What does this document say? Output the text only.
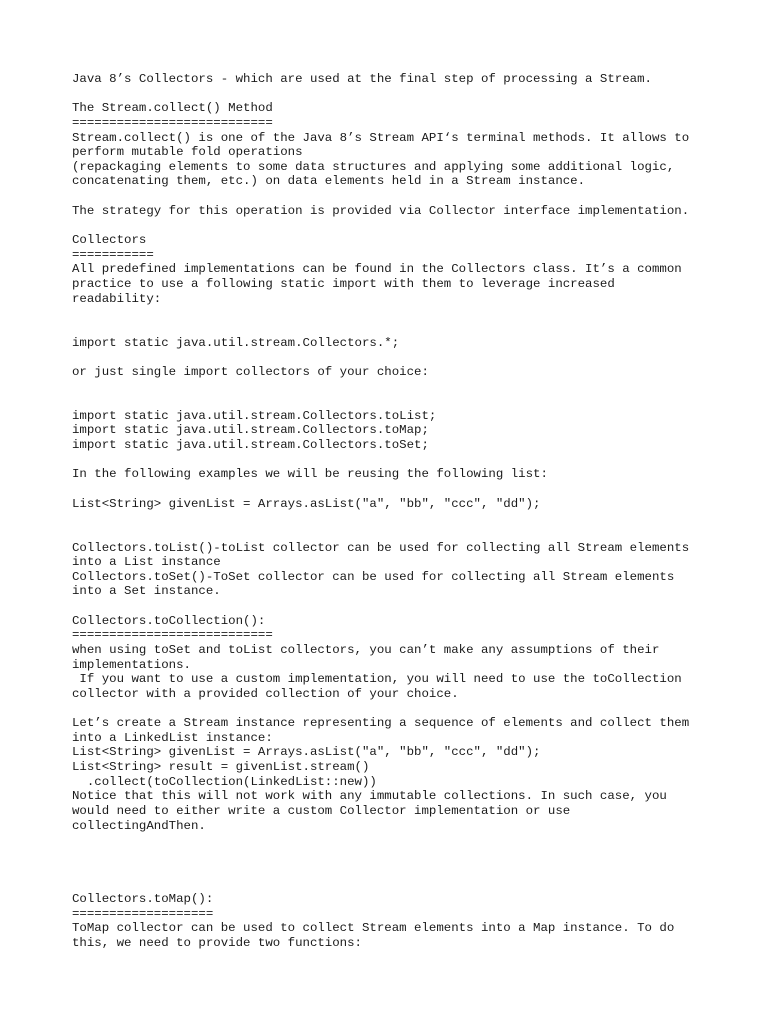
Java 8’s Collectors - which are used at the final step of processing a Stream.
The Stream.collect() Method
===========================
Stream.collect() is one of the Java 8’s Stream API‘s terminal methods. It allows to
perform mutable fold operations
(repackaging elements to some data structures and applying some additional logic,
concatenating them, etc.) on data elements held in a Stream instance.
The strategy for this operation is provided via Collector interface implementation.
Collectors
===========
All predefined implementations can be found in the Collectors class. It’s a common
practice to use a following static import with them to leverage increased
readability:
import static java.util.stream.Collectors.*;
or just single import collectors of your choice:
import static java.util.stream.Collectors.toList;
import static java.util.stream.Collectors.toMap;
import static java.util.stream.Collectors.toSet;
In the following examples we will be reusing the following list:
List<String> givenList = Arrays.asList("a", "bb", "ccc", "dd");
Collectors.toList()-toList collector can be used for collecting all Stream elements
into a List instance
Collectors.toSet()-ToSet collector can be used for collecting all Stream elements
into a Set instance.
Collectors.toCollection():
===========================
when using toSet and toList collectors, you can’t make any assumptions of their
implementations.
If you want to use a custom implementation, you will need to use the toCollection
collector with a provided collection of your choice.
Let’s create a Stream instance representing a sequence of elements and collect them
into a LinkedList instance:
List<String> givenList = Arrays.asList("a", "bb", "ccc", "dd");
List<String> result = givenList.stream()
.collect(toCollection(LinkedList::new))
Notice that this will not work with any immutable collections. In such case, you
would need to either write a custom Collector implementation or use
collectingAndThen.
Collectors.toMap():
===================
ToMap collector can be used to collect Stream elements into a Map instance. To do
this, we need to provide two functions:
